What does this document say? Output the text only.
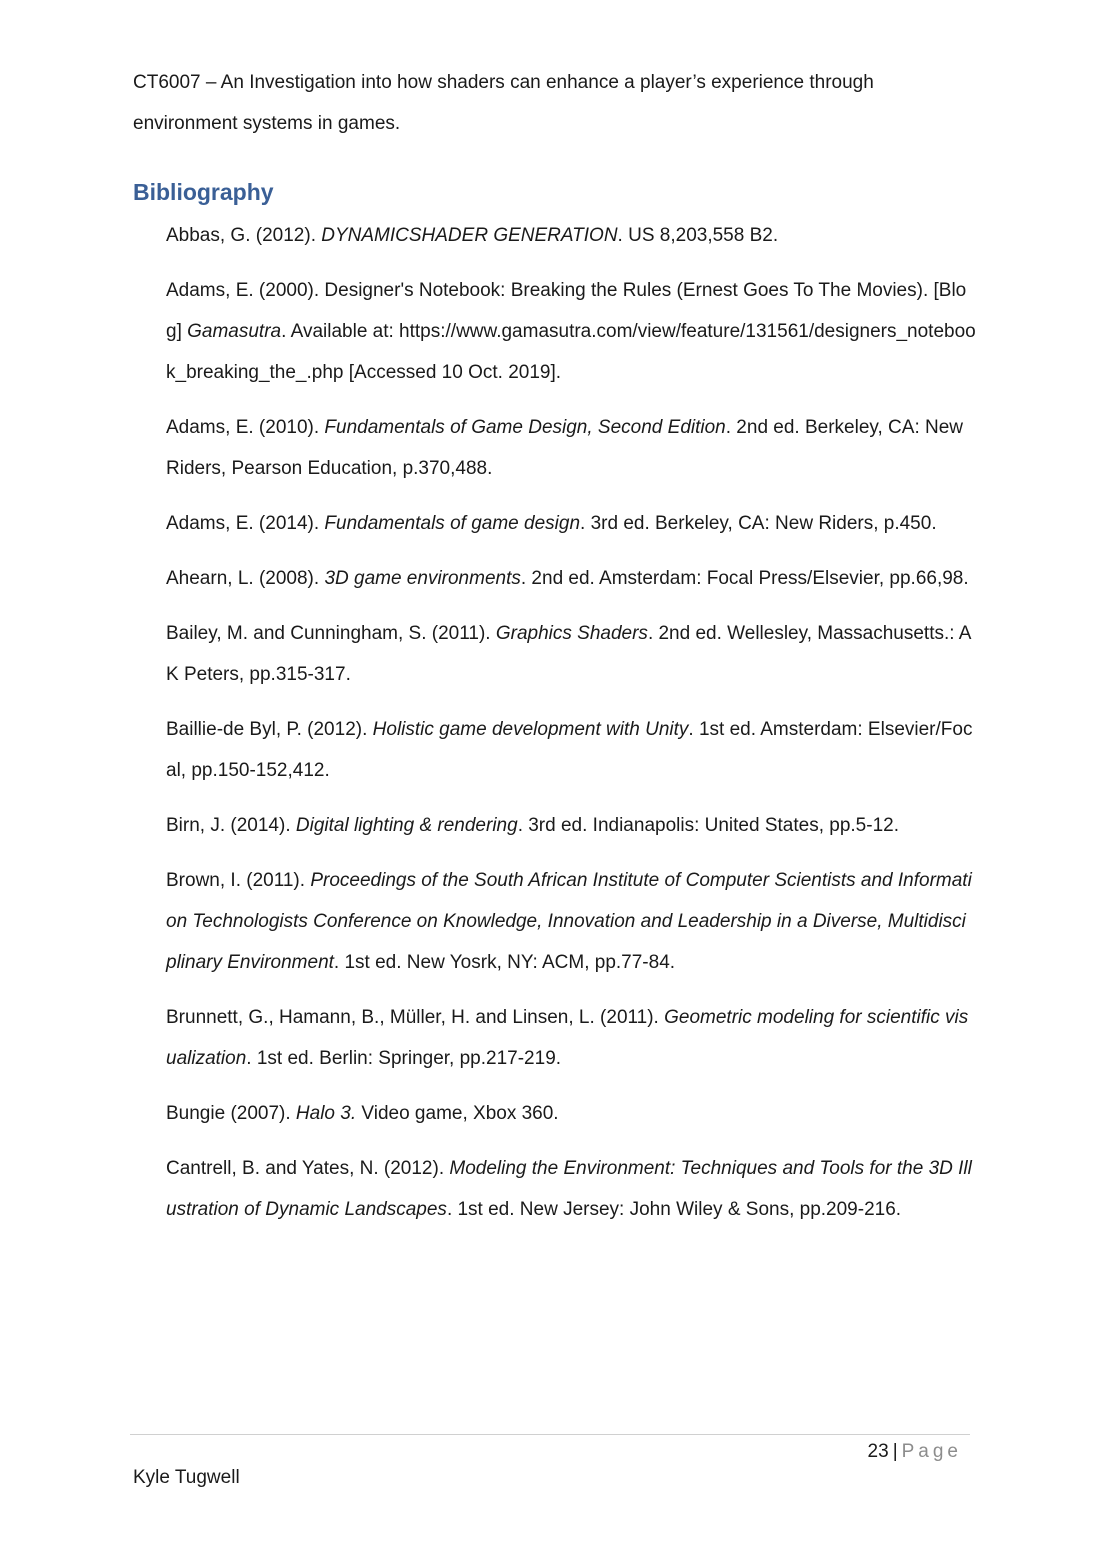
CT6007 – An Investigation into how shaders can enhance a player’s experience through environment systems in games.
Bibliography

Abbas, G. (2012). DYNAMICSHADER GENERATION. US 8,203,558 B2.

Adams, E. (2000). Designer's Notebook: Breaking the Rules (Ernest Goes To The Movies). [Blog] Gamasutra. Available at: https://www.gamasutra.com/view/feature/131561/designers_notebook_breaking_the_.php [Accessed 10 Oct. 2019].

Adams, E. (2010). Fundamentals of Game Design, Second Edition. 2nd ed. Berkeley, CA: New Riders, Pearson Education, p.370,488.

Adams, E. (2014). Fundamentals of game design. 3rd ed. Berkeley, CA: New Riders, p.450.

Ahearn, L. (2008). 3D game environments. 2nd ed. Amsterdam: Focal Press/Elsevier, pp.66,98.

Bailey, M. and Cunningham, S. (2011). Graphics Shaders. 2nd ed. Wellesley, Massachusetts.: A K Peters, pp.315-317.

Baillie-de Byl, P. (2012). Holistic game development with Unity. 1st ed. Amsterdam: Elsevier/Focal, pp.150-152,412.

Birn, J. (2014). Digital lighting & rendering. 3rd ed. Indianapolis: United States, pp.5-12.

Brown, I. (2011). Proceedings of the South African Institute of Computer Scientists and Information Technologists Conference on Knowledge, Innovation and Leadership in a Diverse, Multidisciplinary Environment. 1st ed. New Yosrk, NY: ACM, pp.77-84.

Brunnett, G., Hamann, B., Müller, H. and Linsen, L. (2011). Geometric modeling for scientific visualization. 1st ed. Berlin: Springer, pp.217-219.

Bungie (2007). Halo 3. Video game, Xbox 360.

Cantrell, B. and Yates, N. (2012). Modeling the Environment: Techniques and Tools for the 3D Illustration of Dynamic Landscapes. 1st ed. New Jersey: John Wiley & Sons, pp.209-216.

23 | Page
Kyle Tugwell
